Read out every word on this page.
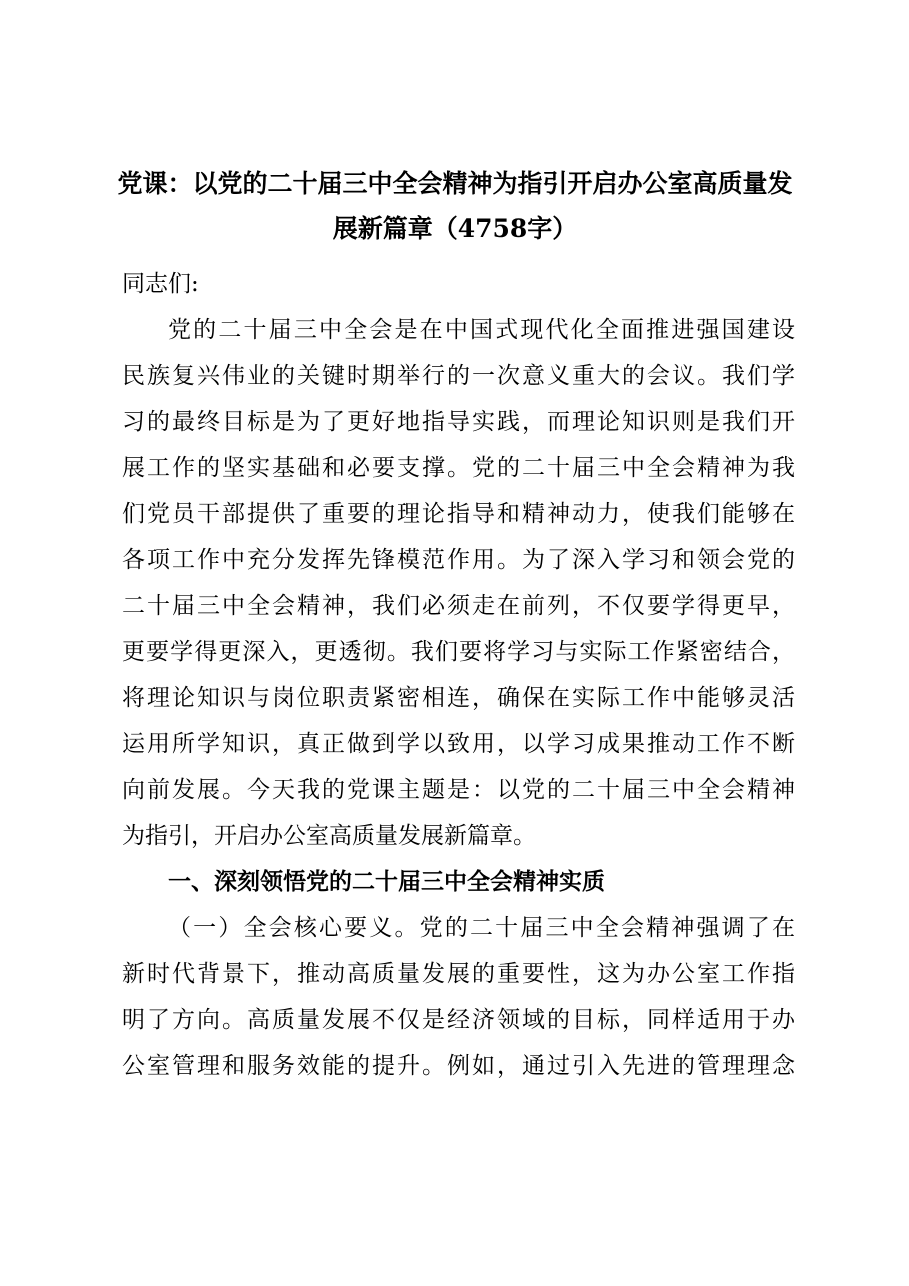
党课：以党的二十届三中全会精神为指引开启办公室高质量发
展新篇章（4758字）
同志们:
党的二十届三中全会是在中国式现代化全面推进强国建设
民族复兴伟业的关键时期举行的一次意义重大的会议。我们学
习的最终目标是为了更好地指导实践，而理论知识则是我们开
展工作的坚实基础和必要支撑。党的二十届三中全会精神为我
们党员干部提供了重要的理论指导和精神动力，使我们能够在
各项工作中充分发挥先锋模范作用。为了深入学习和领会党的
二十届三中全会精神，我们必须走在前列，不仅要学得更早，
更要学得更深入，更透彻。我们要将学习与实际工作紧密结合，
将理论知识与岗位职责紧密相连，确保在实际工作中能够灵活
运用所学知识，真正做到学以致用，以学习成果推动工作不断
向前发展。今天我的党课主题是：以党的二十届三中全会精神
为指引，开启办公室高质量发展新篇章。
一、深刻领悟党的二十届三中全会精神实质
（一）全会核心要义。党的二十届三中全会精神强调了在
新时代背景下，推动高质量发展的重要性，这为办公室工作指
明了方向。高质量发展不仅是经济领域的目标，同样适用于办
公室管理和服务效能的提升。例如，通过引入先进的管理理念
